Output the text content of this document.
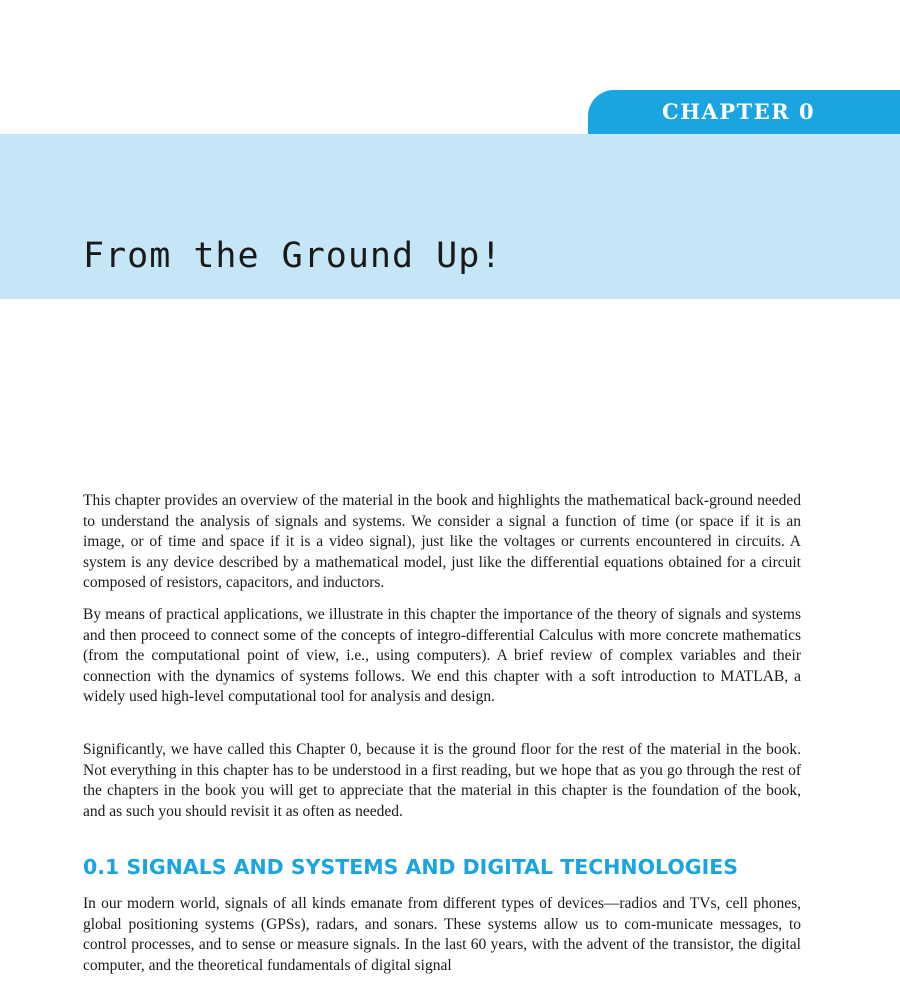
CHAPTER 0
From the Ground Up!

This chapter provides an overview of the material in the book and highlights the mathematical back-ground needed to understand the analysis of signals and systems. We consider a signal a function of time (or space if it is an image, or of time and space if it is a video signal), just like the voltages or currents encountered in circuits. A system is any device described by a mathematical model, just like the differential equations obtained for a circuit composed of resistors, capacitors, and inductors.

By means of practical applications, we illustrate in this chapter the importance of the theory of signals and systems and then proceed to connect some of the concepts of integro-differential Calculus with more concrete mathematics (from the computational point of view, i.e., using computers). A brief review of complex variables and their connection with the dynamics of systems follows. We end this chapter with a soft introduction to MATLAB, a widely used high-level computational tool for analysis and design.

Significantly, we have called this Chapter 0, because it is the ground floor for the rest of the material in the book. Not everything in this chapter has to be understood in a first reading, but we hope that as you go through the rest of the chapters in the book you will get to appreciate that the material in this chapter is the foundation of the book, and as such you should revisit it as often as needed.

0.1 SIGNALS AND SYSTEMS AND DIGITAL TECHNOLOGIES

In our modern world, signals of all kinds emanate from different types of devices—radios and TVs, cell phones, global positioning systems (GPSs), radars, and sonars. These systems allow us to com-municate messages, to control processes, and to sense or measure signals. In the last 60 years, with the advent of the transistor, the digital computer, and the theoretical fundamentals of digital signal
